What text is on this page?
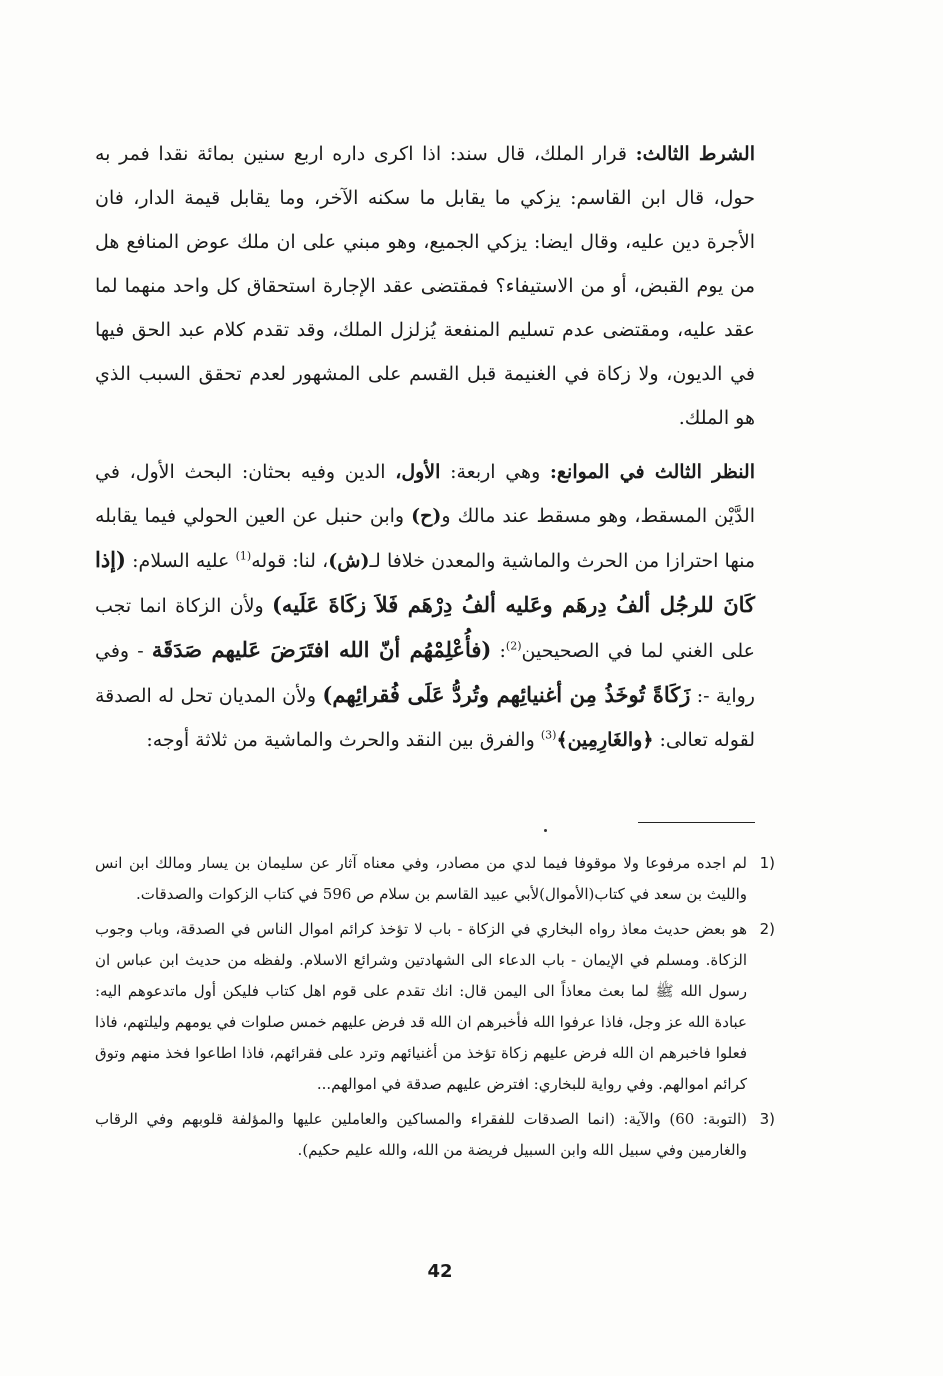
الشرط الثالث: قرار الملك، قال سند: اذا اكرى داره اربع سنين بمائة نقدا فمر به حول، قال ابن القاسم: يزكي ما يقابل ما سكنه الآخر، وما يقابل قيمة الدار، فان الأجرة دين عليه، وقال ايضا: يزكي الجميع، وهو مبني على ان ملك عوض المنافع هل من يوم القبض، أو من الاستيفاء؟ فمقتضى عقد الإجارة استحقاق كل واحد منهما لما عقد عليه، ومقتضى عدم تسليم المنفعة يُزلزل الملك، وقد تقدم كلام عبد الحق فيها في الديون، ولا زكاة في الغنيمة قبل القسم على المشهور لعدم تحقق السبب الذي هو الملك.

النظر الثالث في الموانع: وهي اربعة: الأول، الدين وفيه بحثان: البحث الأول، في الدَّيْن المسقط، وهو مسقط عند مالك و(ح) وابن حنبل عن العين الحولي فيما يقابله منها احترازا من الحرث والماشية والمعدن خلافا لـ(ش)، لنا: قوله$^{(1)}$ عليه السلام: (إذا كَانَ للرجُل ألفُ دِرهَم وعَليه ألفُ دِرْهَم فَلاَ زكَاةَ عَلَيه) ولأن الزكاة انما تجب على الغني لما في الصحيحين$^{(2)}$: (فأُعْلِمْهُم أنّ الله افتَرَضَ عَليهم صَدَقَة - وفي رواية -: زَكَاةً تُوخَذُ مِن أغنيائِهم وتُردُّ عَلَى فُقرائِهم) ولأن المديان تحل له الصدقة لقوله تعالى: ﴿والغَارِمِين﴾$^{(3)}$ والفرق بين النقد والحرث والماشية من ثلاثة أوجه:

1)
لم اجده مرفوعا ولا موقوفا فيما لدي من مصادر، وفي معناه آثار عن سليمان بن يسار ومالك ابن انس والليث بن سعد في كتاب(الأموال)لأبي عبيد القاسم بن سلام ص 596 في كتاب الزكوات والصدقات.
2)
هو بعض حديث معاذ رواه البخاري في الزكاة - باب لا تؤخذ كرائم اموال الناس في الصدقة، وباب وجوب الزكاة. ومسلم في الإيمان - باب الدعاء الى الشهادتين وشرائع الاسلام. ولفظه من حديث ابن عباس ان رسول الله ﷺ لما بعث معاذاً الى اليمن قال: انك تقدم على قوم اهل كتاب فليكن أول ماتدعوهم اليه: عبادة الله عز وجل، فاذا عرفوا الله فأخبرهم ان الله قد فرض عليهم خمس صلوات في يومهم وليلتهم، فاذا فعلوا فاخبرهم ان الله فرض عليهم زكاة تؤخذ من أغنيائهم وترد على فقرائهم، فاذا اطاعوا فخذ منهم وتوق كرائم اموالهم. وفي رواية للبخاري: افترض عليهم صدقة في اموالهم...
3)
(التوبة: 60) والآية: (انما الصدقات للفقراء والمساكين والعاملين عليها والمؤلفة قلوبهم وفي الرقاب والغارمين وفي سبيل الله وابن السبيل فريضة من الله، والله عليم حكيم).
42
